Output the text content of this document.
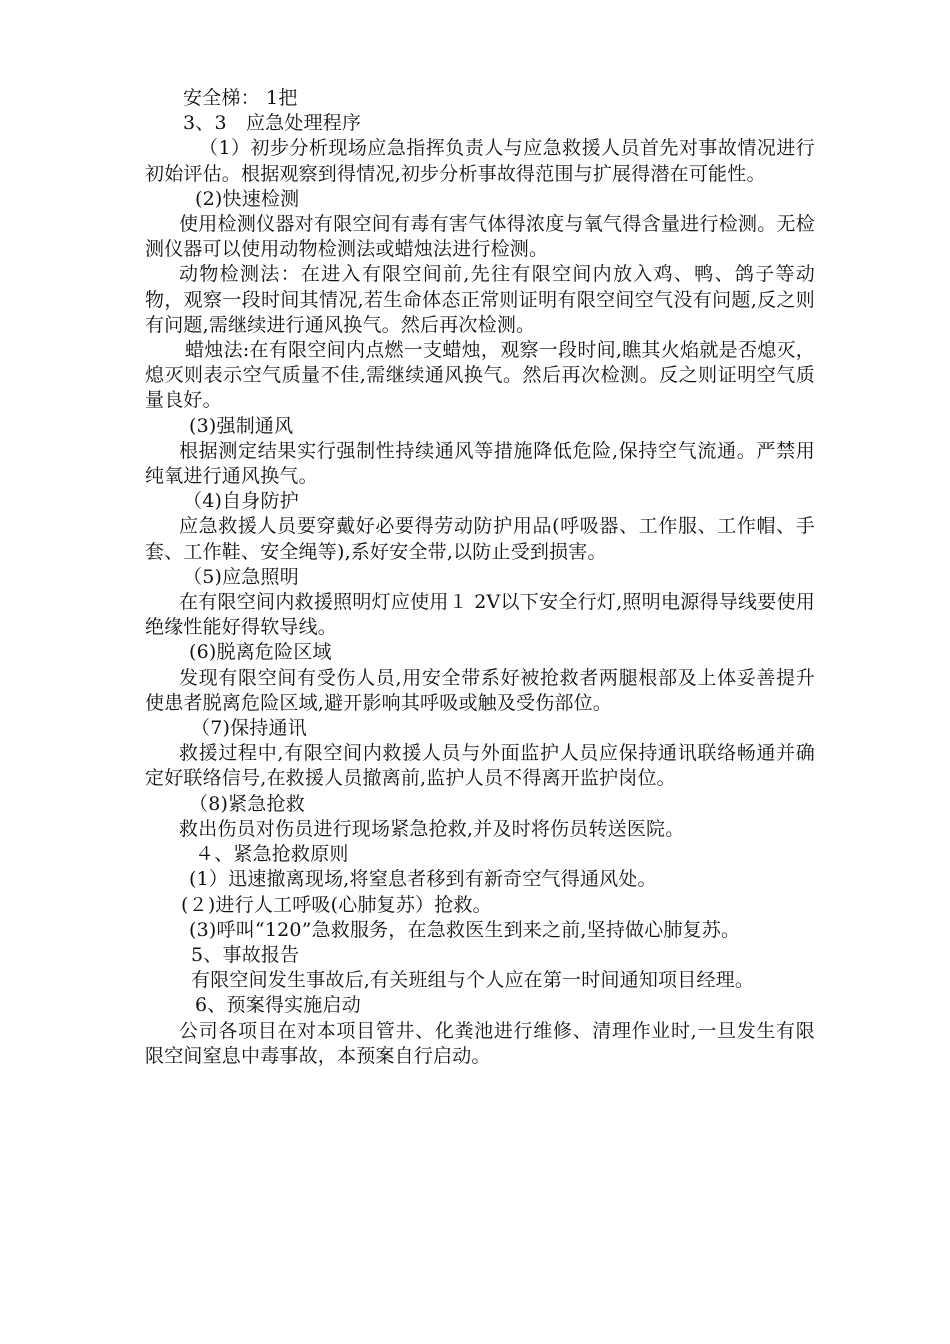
安全梯： 1把

3、3　应急处理程序

（1）初步分析现场应急指挥负责人与应急救援人员首先对事故情况进行初始评估。根据观察到得情况,初步分析事故得范围与扩展得潜在可能性。

(2)快速检测

使用检测仪器对有限空间有毒有害气体得浓度与氧气得含量进行检测。无检测仪器可以使用动物检测法或蜡烛法进行检测。

动物检测法：在进入有限空间前,先往有限空间内放入鸡、鸭、鸽子等动物，观察一段时间其情况,若生命体态正常则证明有限空间空气没有问题,反之则有问题,需继续进行通风换气。然后再次检测。

蜡烛法:在有限空间内点燃一支蜡烛，观察一段时间,瞧其火焰就是否熄灭，熄灭则表示空气质量不佳,需继续通风换气。然后再次检测。反之则证明空气质量良好。

(3)强制通风

根据测定结果实行强制性持续通风等措施降低危险,保持空气流通。严禁用纯氧进行通风换气。

（4)自身防护

应急救援人员要穿戴好必要得劳动防护用品(呼吸器、工作服、工作帽、手套、工作鞋、安全绳等),系好安全带,以防止受到损害。

（5)应急照明

在有限空间内救援照明灯应使用１ 2V以下安全行灯,照明电源得导线要使用绝缘性能好得软导线。

(6)脱离危险区域

发现有限空间有受伤人员,用安全带系好被抢救者两腿根部及上体妥善提升使患者脱离危险区域,避开影响其呼吸或触及受伤部位。

（7)保持通讯

救援过程中,有限空间内救援人员与外面监护人员应保持通讯联络畅通并确定好联络信号,在救援人员撤离前,监护人员不得离开监护岗位。

（8)紧急抢救

救出伤员对伤员进行现场紧急抢救,并及时将伤员转送医院。

４、紧急抢救原则

(1）迅速撤离现场,将窒息者移到有新奇空气得通风处。

(２)进行人工呼吸(心肺复苏）抢救。

(3)呼叫“120”急救服务，在急救医生到来之前,坚持做心肺复苏。

5、事故报告

有限空间发生事故后,有关班组与个人应在第一时间通知项目经理。

6、预案得实施启动

公司各项目在对本项目管井、化粪池进行维修、清理作业时,一旦发生有限限空间窒息中毒事故，本预案自行启动。
